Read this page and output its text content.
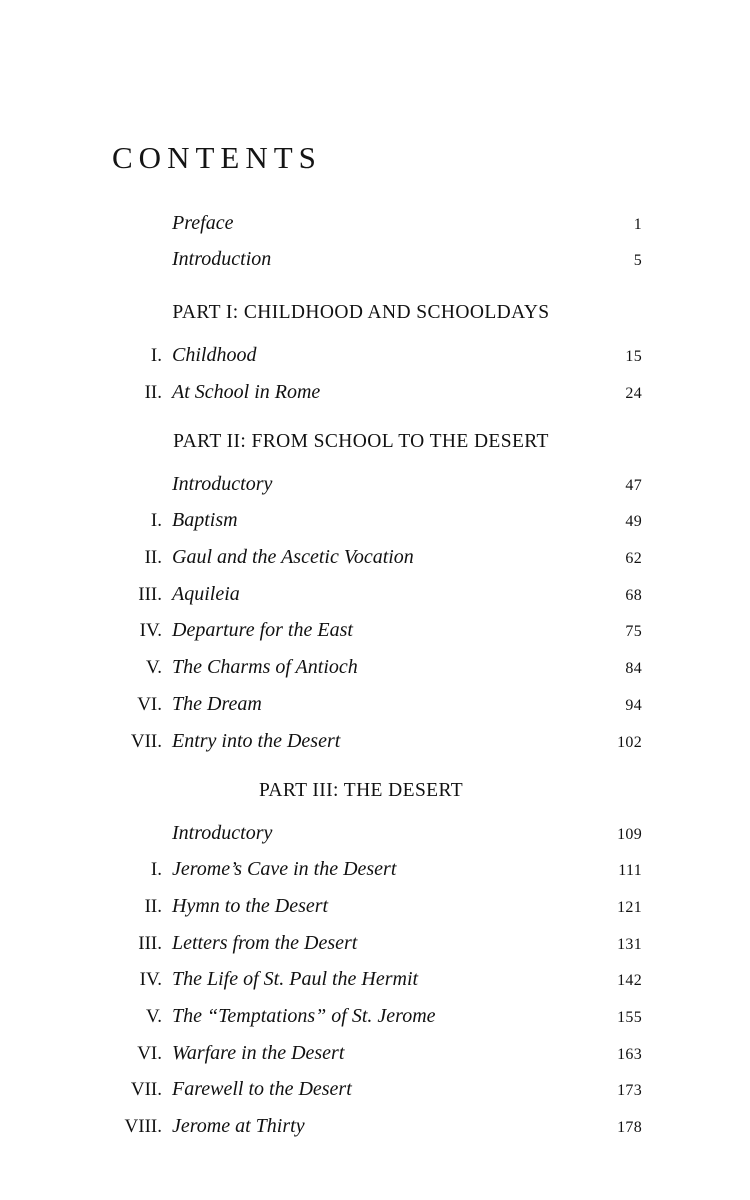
CONTENTS
Preface	1
Introduction	5
PART I: CHILDHOOD AND SCHOOLDAYS
I. Childhood	15
II. At School in Rome	24
PART II: FROM SCHOOL TO THE DESERT
Introductory	47
I. Baptism	49
II. Gaul and the Ascetic Vocation	62
III. Aquileia	68
IV. Departure for the East	75
V. The Charms of Antioch	84
VI. The Dream	94
VII. Entry into the Desert	102
PART III: THE DESERT
Introductory	109
I. Jerome’s Cave in the Desert	111
II. Hymn to the Desert	121
III. Letters from the Desert	131
IV. The Life of St. Paul the Hermit	142
V. The “Temptations” of St. Jerome	155
VI. Warfare in the Desert	163
VII. Farewell to the Desert	173
VIII. Jerome at Thirty	178
